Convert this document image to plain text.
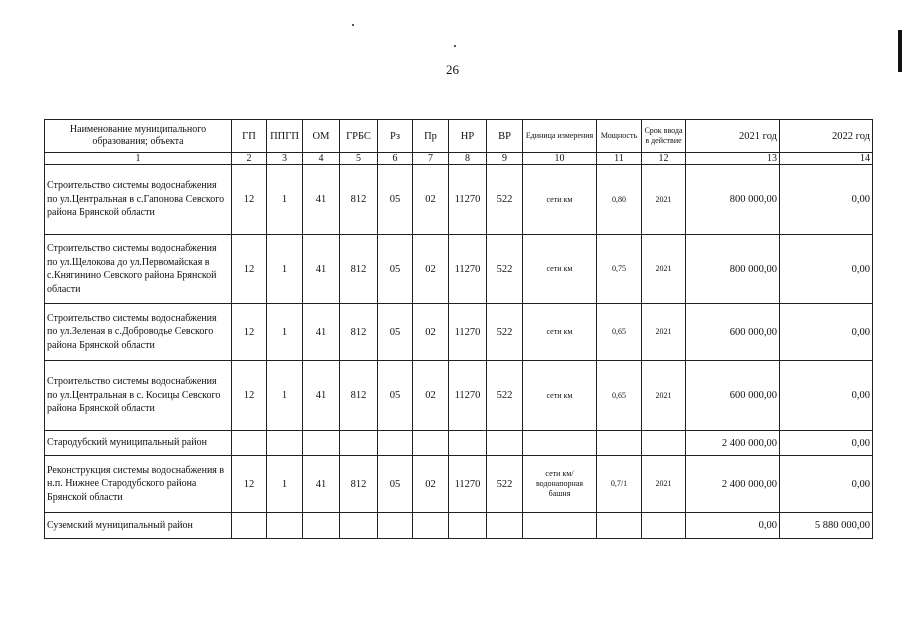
26
Наименование муниципального образования; объекта	ГП	ППГП	ОМ	ГРБС	Рз	Пр	НР	ВР	Единица измерения	Мощность	Срок ввода в действие	2021 год	2022 год
1	2	3	4	5	6	7	8	9	10	11	12	13	14
Строительство системы водоснабжения по ул.Центральная в с.Гапонова Севского района Брянской области	12	1	41	812	05	02	11270	522	сети км	0,80	2021	800 000,00	0,00
Строительство системы водоснабжения по ул.Щелокова до ул.Первомайская в с.Княгинино Севского района Брянской области	12	1	41	812	05	02	11270	522	сети км	0,75	2021	800 000,00	0,00
Строительство системы водоснабжения по ул.Зеленая в с.Доброводье Севского района Брянской области	12	1	41	812	05	02	11270	522	сети км	0,65	2021	600 000,00	0,00
Строительство системы водоснабжения по ул.Центральная в с. Косицы Севского района Брянской области	12	1	41	812	05	02	11270	522	сети км	0,65	2021	600 000,00	0,00
Стародубский муниципальный район												2 400 000,00	0,00
Реконструкция системы водоснабжения в н.п. Нижнее Стародубского района Брянской области	12	1	41	812	05	02	11270	522	сети км/водонапорная башня	0,7/1	2021	2 400 000,00	0,00
Суземский муниципальный район												0,00	5 880 000,00
